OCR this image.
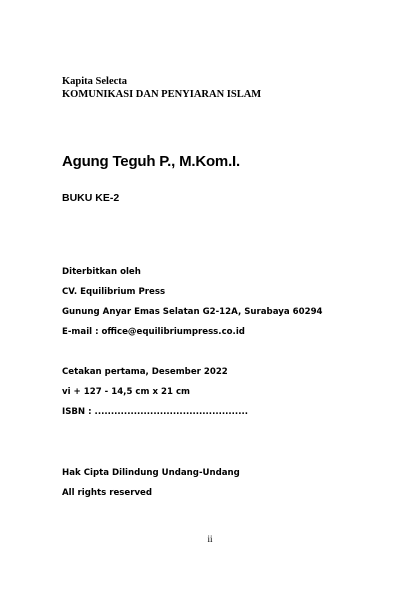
Kapita Selecta
KOMUNIKASI DAN PENYIARAN ISLAM
Agung Teguh P., M.Kom.I.
BUKU KE-2
Diterbitkan oleh
CV. Equilibrium Press
Gunung Anyar Emas Selatan G2-12A, Surabaya 60294
E-mail : office@equilibriumpress.co.id
Cetakan pertama, Desember 2022
vi + 127 - 14,5 cm x 21 cm
ISBN : ...............................................
Hak Cipta Dilindung Undang-Undang
All rights reserved
ii
